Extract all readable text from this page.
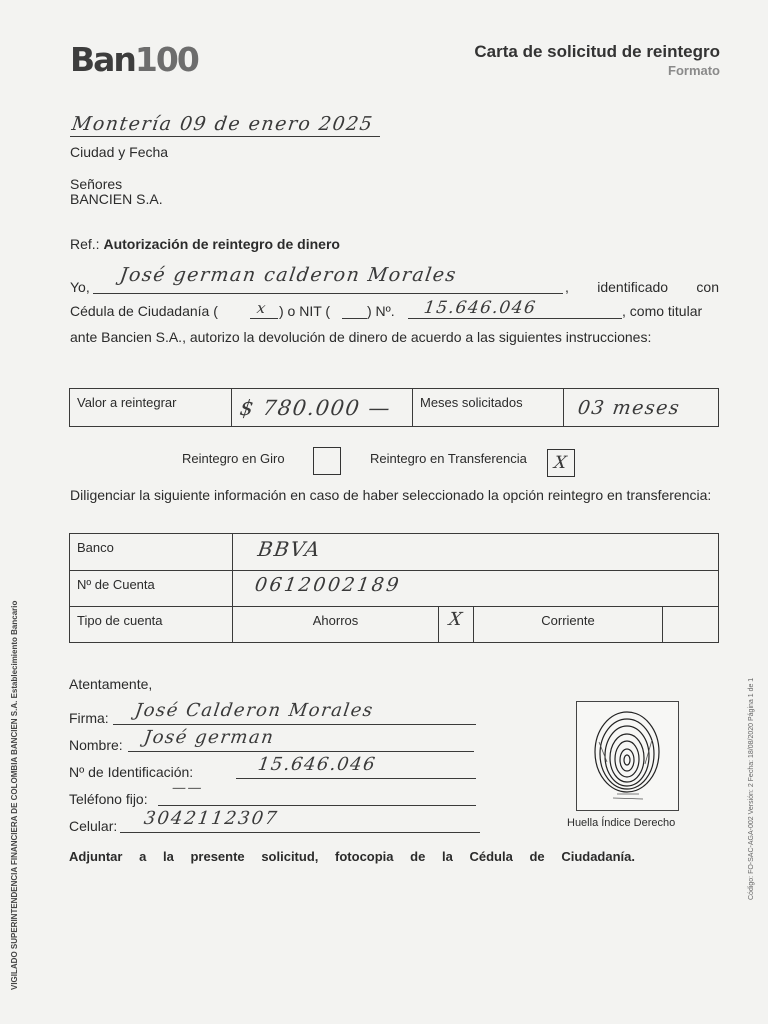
Ban100	Carta de solicitud de reintegro
Formato
Montería 09 de enero 2025
Ciudad y Fecha
Señores
BANCIEN S.A.
Ref.: Autorización de reintegro de dinero
Yo,
José german calderon Morales
, identificado con
Cédula de Ciudadanía (	x ) o NIT (	) Nº. 15.646.046	, como titular
ante Bancien S.A., autorizo la devolución de dinero de acuerdo a las siguientes instrucciones:
Valor a reintegrar	$ 780.000 —	Meses solicitados	03 meses
Reintegro en Giro	Reintegro en Transferencia	X
Diligenciar la siguiente información en caso de haber seleccionado la opción reintegro en transferencia:
Banco	BBVA			
Nº de Cuenta	0612002189			
Tipo de cuenta	Ahorros	X	Corriente	
Atentamente,
Firma: José Calderon Morales
Nombre: José german
Nº de Identificación:	15.646.046
Teléfono fijo:
——
Celular: 3042112307	Huella Índice Derecho
Adjuntar a la presente solicitud, fotocopia de la Cédula de Ciudadanía.
VIGILADO SUPERINTENDENCIA FINANCIERA DE COLOMBIA BANCIEN S.A. Establecimiento Bancario	Código: FO-SAC-AGA-002 Versión: 2 Fecha: 18/08/2020 Página 1 de 1
